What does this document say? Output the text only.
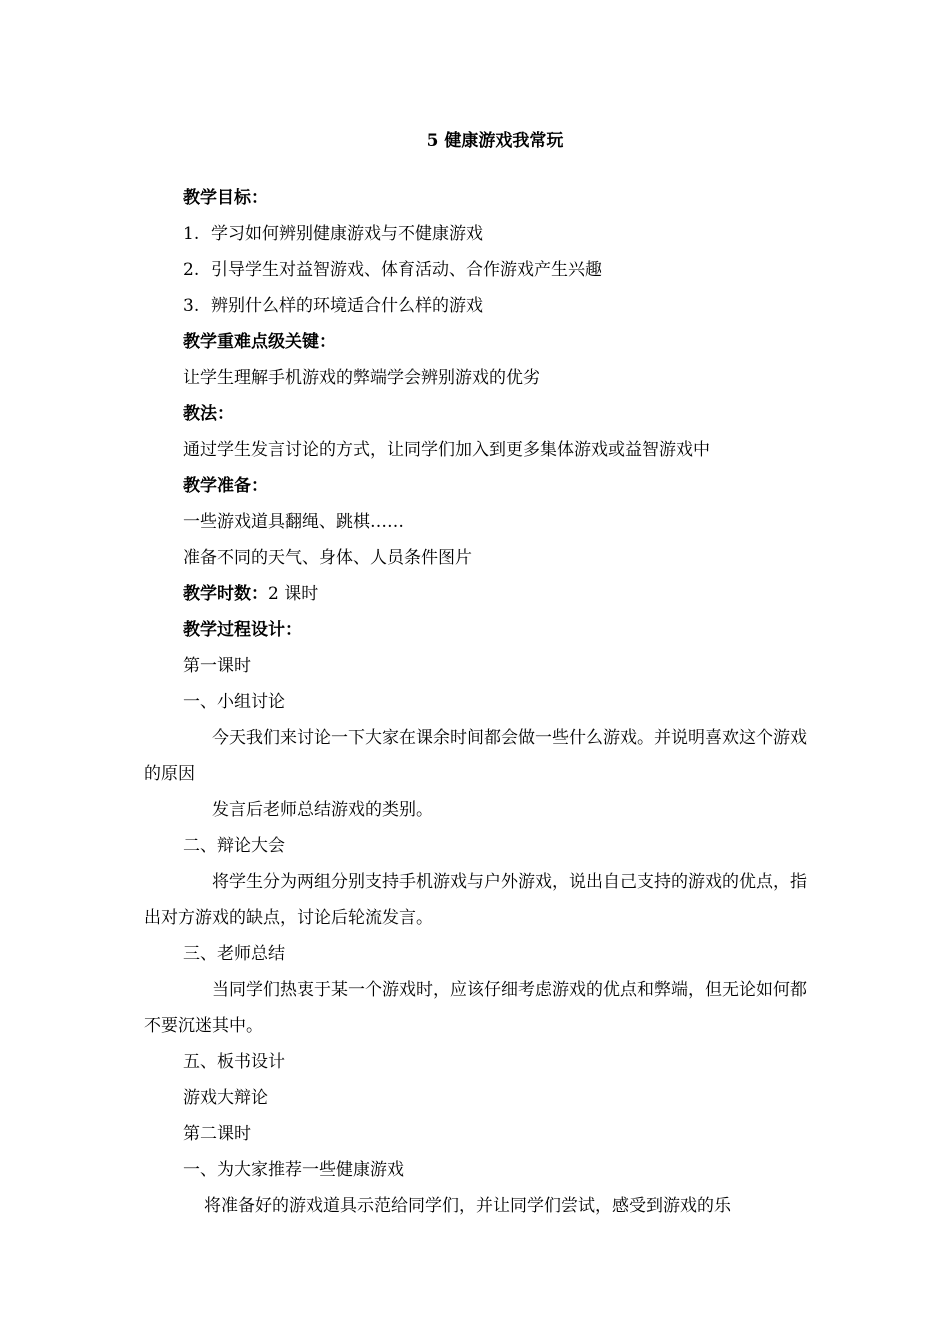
5 健康游戏我常玩
教学目标：
1. 学习如何辨别健康游戏与不健康游戏
2. 引导学生对益智游戏、体育活动、合作游戏产生兴趣
3. 辨别什么样的环境适合什么样的游戏
教学重难点级关键：
让学生理解手机游戏的弊端学会辨别游戏的优劣
教法：
通过学生发言讨论的方式，让同学们加入到更多集体游戏或益智游戏中
教学准备：
一些游戏道具翻绳、跳棋……
准备不同的天气、身体、人员条件图片
教学时数：2 课时
教学过程设计：
第一课时
一、小组讨论

今天我们来讨论一下大家在课余时间都会做一些什么游戏。并说明喜欢这个游戏的原因

发言后老师总结游戏的类别。
二、辩论大会

将学生分为两组分别支持手机游戏与户外游戏，说出自己支持的游戏的优点，指出对方游戏的缺点，讨论后轮流发言。

三、老师总结

当同学们热衷于某一个游戏时，应该仔细考虑游戏的优点和弊端，但无论如何都不要沉迷其中。

五、板书设计
游戏大辩论
第二课时
一、为大家推荐一些健康游戏
将准备好的游戏道具示范给同学们，并让同学们尝试，感受到游戏的乐
